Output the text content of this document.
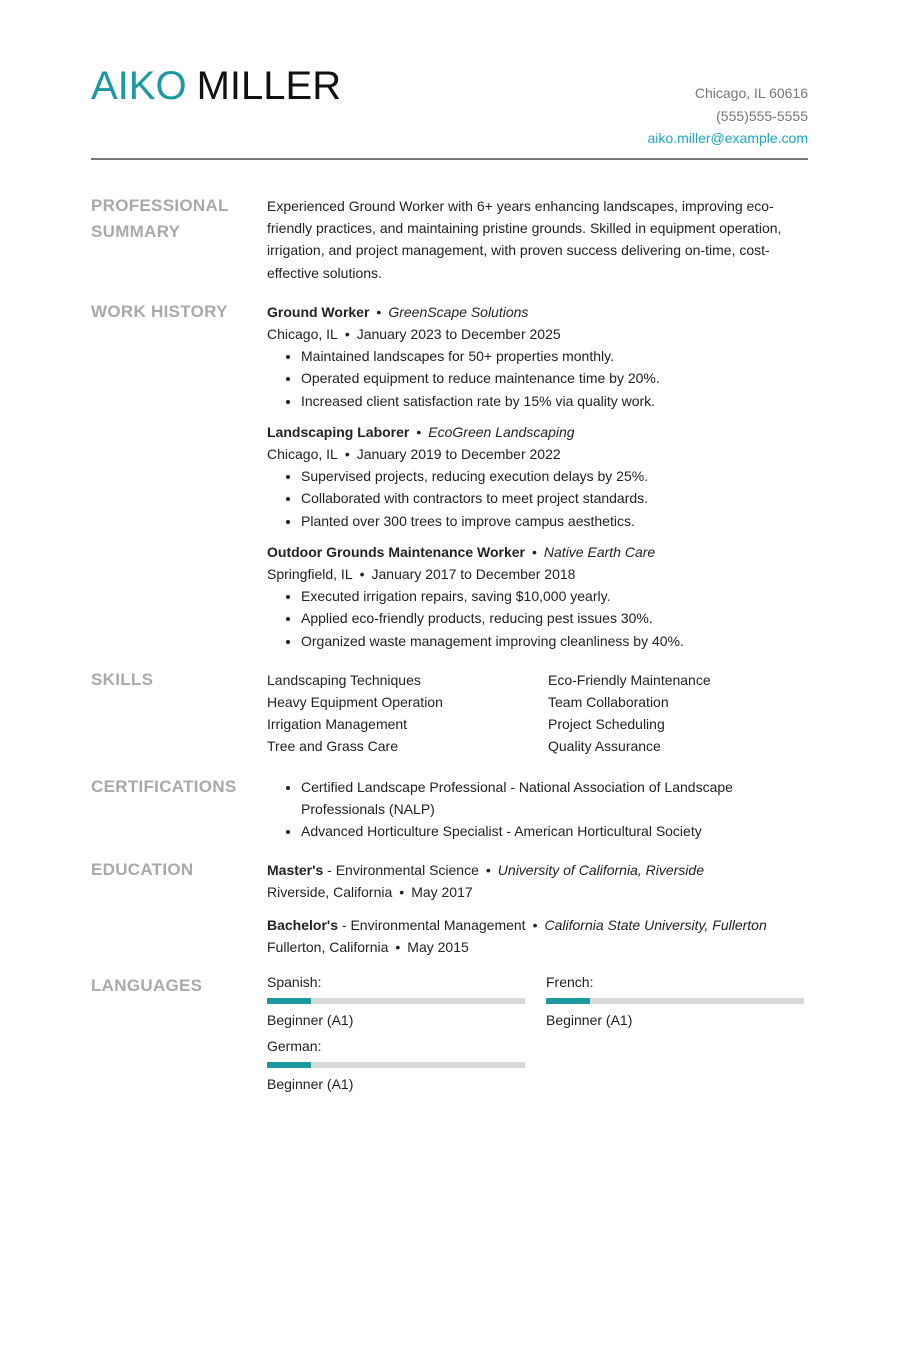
AIKO MILLER	Chicago, IL 60616
(555)555-5555
aiko.miller@example.com
PROFESSIONAL SUMMARY
Experienced Ground Worker with 6+ years enhancing landscapes, improving eco-friendly practices, and maintaining pristine grounds. Skilled in equipment operation, irrigation, and project management, with proven success delivering on-time, cost-effective solutions.
WORK HISTORY	Ground Worker • GreenScape Solutions
Chicago, IL • January 2023 to December 2025
• Maintained landscapes for 50+ properties monthly.
• Operated equipment to reduce maintenance time by 20%.
• Increased client satisfaction rate by 15% via quality work.
Landscaping Laborer • EcoGreen Landscaping
Chicago, IL • January 2019 to December 2022
• Supervised projects, reducing execution delays by 25%.
• Collaborated with contractors to meet project standards.
• Planted over 300 trees to improve campus aesthetics.
Outdoor Grounds Maintenance Worker • Native Earth Care
Springfield, IL • January 2017 to December 2018
• Executed irrigation repairs, saving $10,000 yearly.
• Applied eco-friendly products, reducing pest issues 30%.
• Organized waste management improving cleanliness by 40%.
SKILLS	Landscaping Techniques	Eco-Friendly Maintenance
Heavy Equipment Operation	Team Collaboration
Irrigation Management	Project Scheduling
Tree and Grass Care	Quality Assurance
CERTIFICATIONS
•	Certified Landscape Professional - National Association of Landscape Professionals (NALP)
• Advanced Horticulture Specialist - American Horticultural Society
EDUCATION	Master's - Environmental Science • University of California, Riverside
Riverside, California • May 2017
Bachelor's - Environmental Management • California State University, Fullerton
Fullerton, California • May 2015
LANGUAGES	Spanish:
Beginner (A1)
French:
Beginner (A1)
German:
Beginner (A1)
